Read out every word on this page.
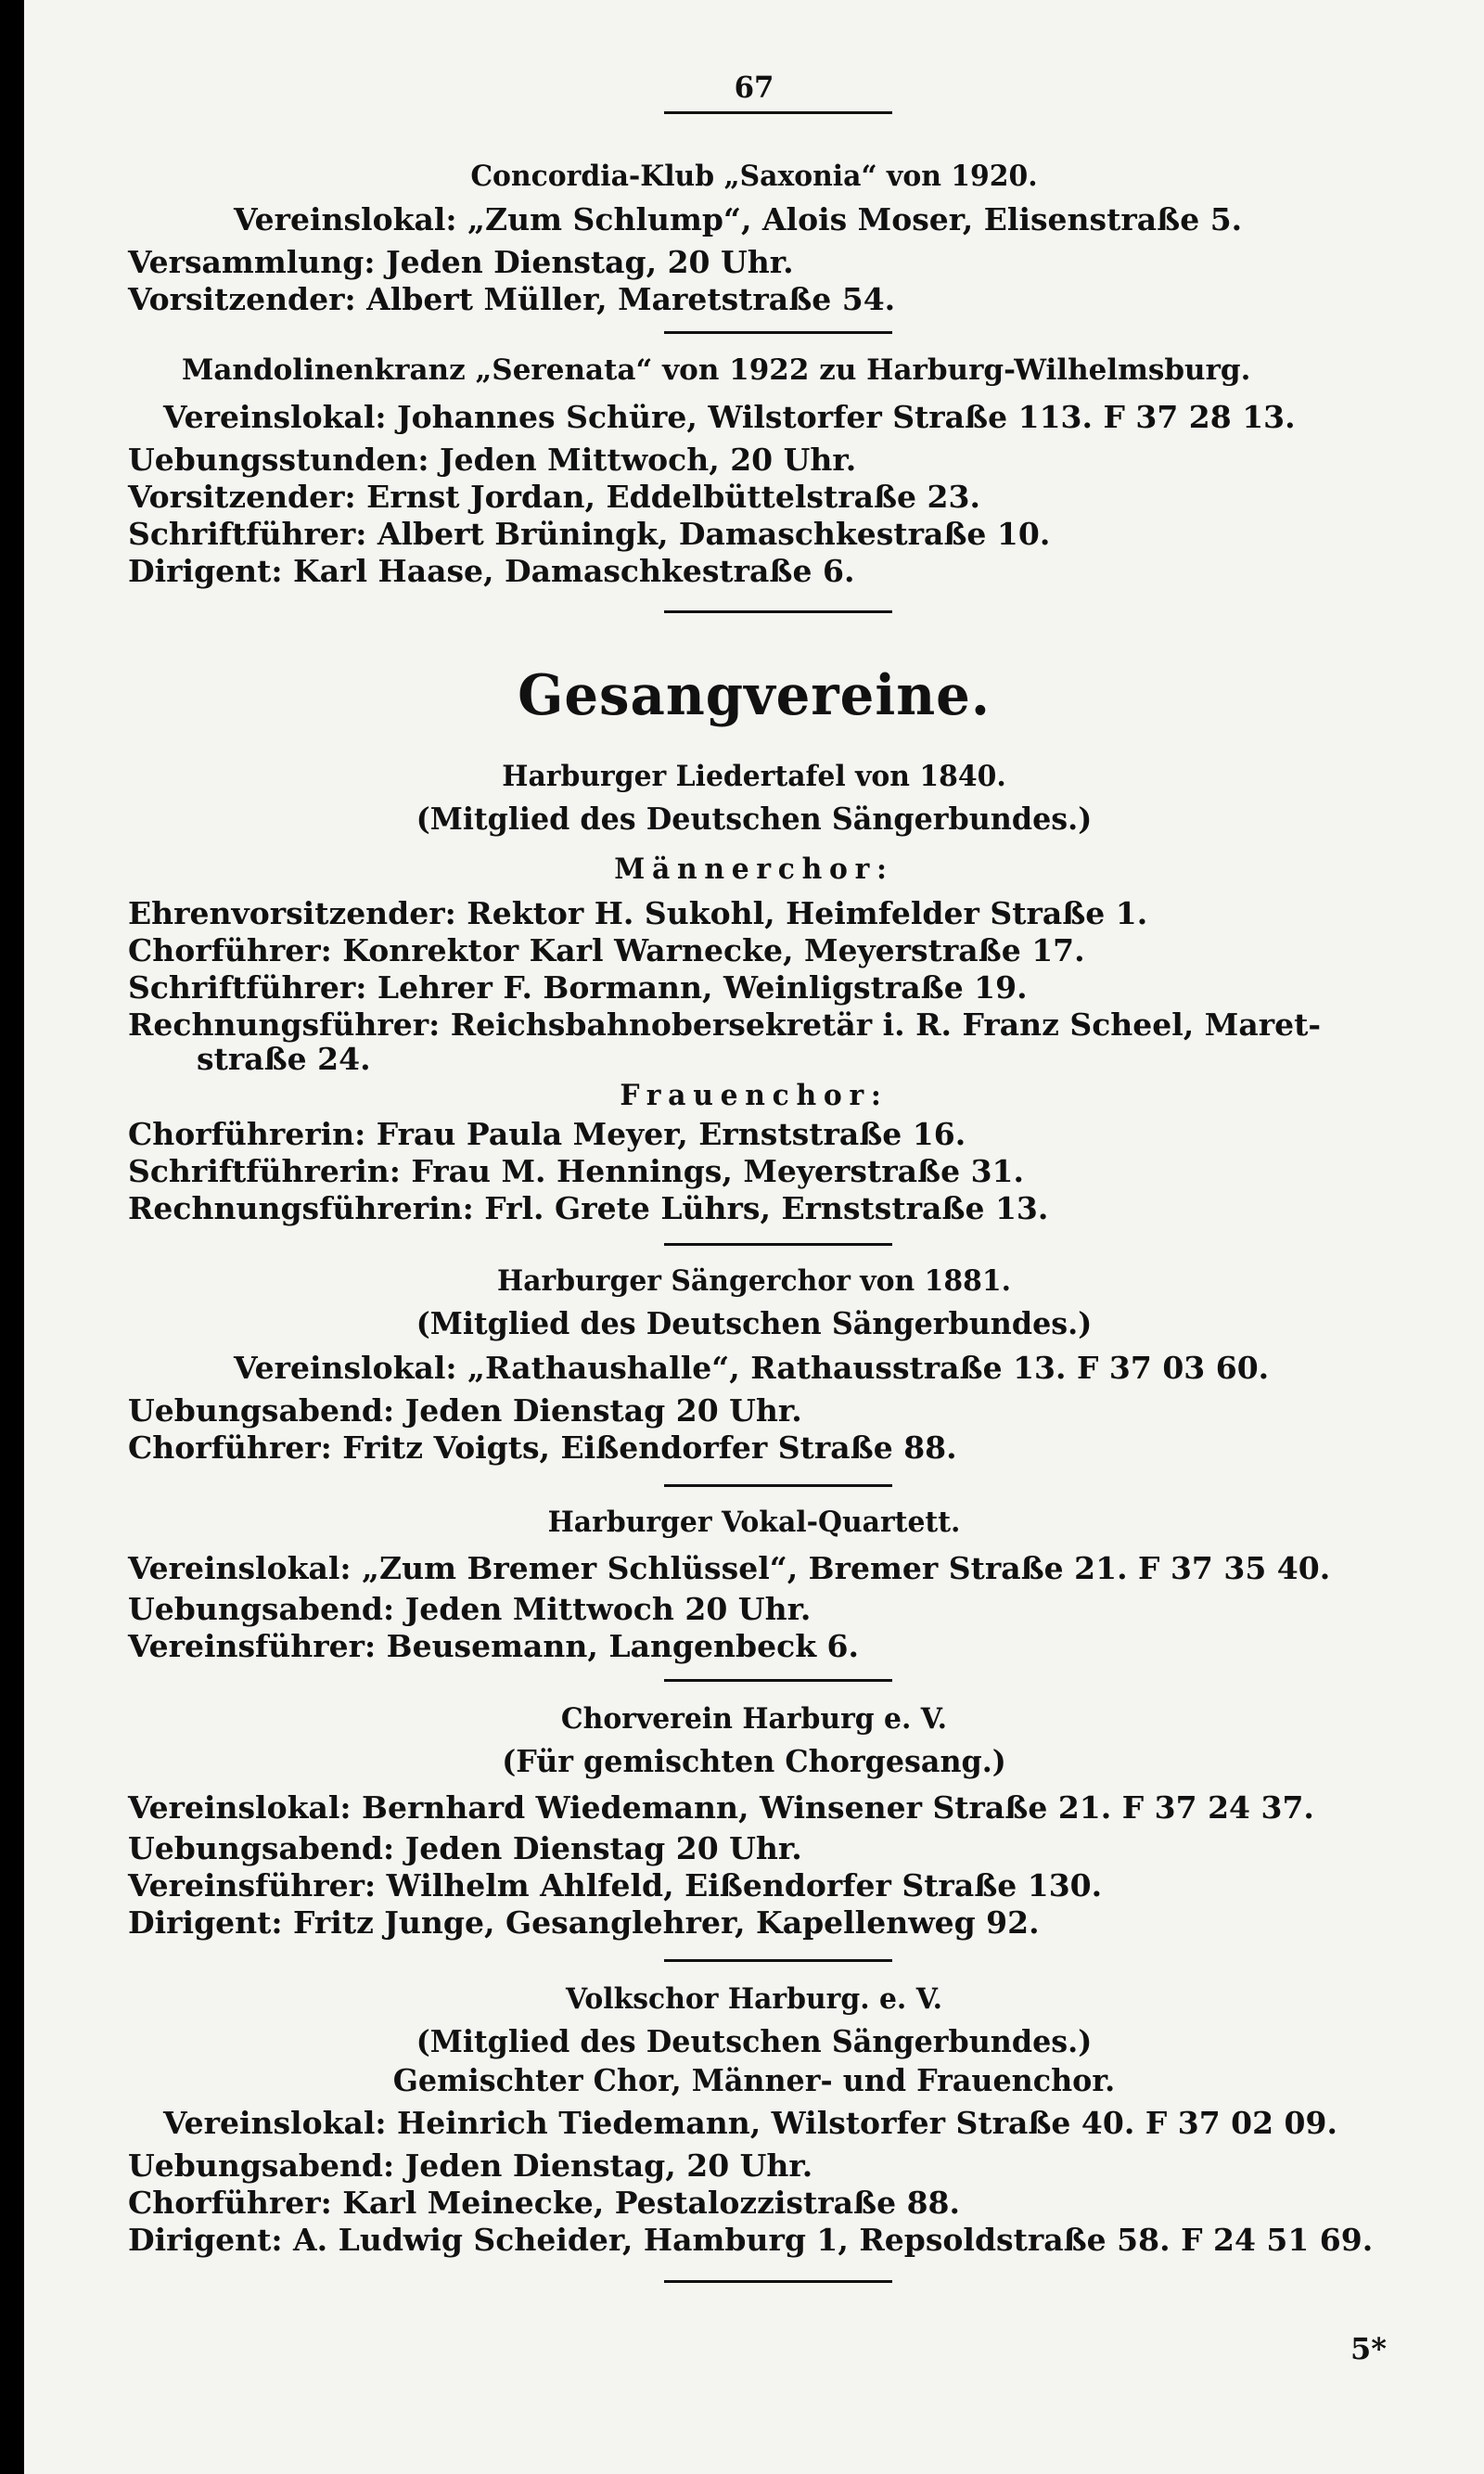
67
Concordia-Klub „Saxonia“ von 1920.
Vereinslokal: „Zum Schlump“, Alois Moser, Elisenstraße 5.
Versammlung: Jeden Dienstag, 20 Uhr.
Vorsitzender: Albert Müller, Maretstraße 54.
Mandolinenkranz „Serenata“ von 1922 zu Harburg-Wilhelmsburg.
Vereinslokal: Johannes Schüre, Wilstorfer Straße 113. F 37 28 13.
Uebungsstunden: Jeden Mittwoch, 20 Uhr.
Vorsitzender: Ernst Jordan, Eddelbüttelstraße 23.
Schriftführer: Albert Brüningk, Damaschkestraße 10.
Dirigent: Karl Haase, Damaschkestraße 6.
Gesangvereine.
Harburger Liedertafel von 1840.
(Mitglied des Deutschen Sängerbundes.)
Männerchor:
Ehrenvorsitzender: Rektor H. Sukohl, Heimfelder Straße 1.
Chorführer: Konrektor Karl Warnecke, Meyerstraße 17.
Schriftführer: Lehrer F. Bormann, Weinligstraße 19.
Rechnungsführer: Reichsbahnobersekretär i. R. Franz Scheel, Maret-
straße 24.
Frauenchor:
Chorführerin: Frau Paula Meyer, Ernststraße 16.
Schriftführerin: Frau M. Hennings, Meyerstraße 31.
Rechnungsführerin: Frl. Grete Lührs, Ernststraße 13.
Harburger Sängerchor von 1881.
(Mitglied des Deutschen Sängerbundes.)
Vereinslokal: „Rathaushalle“, Rathausstraße 13. F 37 03 60.
Uebungsabend: Jeden Dienstag 20 Uhr.
Chorführer: Fritz Voigts, Eißendorfer Straße 88.
Harburger Vokal-Quartett.
Vereinslokal: „Zum Bremer Schlüssel“, Bremer Straße 21. F 37 35 40.
Uebungsabend: Jeden Mittwoch 20 Uhr.
Vereinsführer: Beusemann, Langenbeck 6.
Chorverein Harburg e. V.
(Für gemischten Chorgesang.)
Vereinslokal: Bernhard Wiedemann, Winsener Straße 21. F 37 24 37.
Uebungsabend: Jeden Dienstag 20 Uhr.
Vereinsführer: Wilhelm Ahlfeld, Eißendorfer Straße 130.
Dirigent: Fritz Junge, Gesanglehrer, Kapellenweg 92.
Volkschor Harburg. e. V.
(Mitglied des Deutschen Sängerbundes.)
Gemischter Chor, Männer- und Frauenchor.
Vereinslokal: Heinrich Tiedemann, Wilstorfer Straße 40. F 37 02 09.
Uebungsabend: Jeden Dienstag, 20 Uhr.
Chorführer: Karl Meinecke, Pestalozzistraße 88.
Dirigent: A. Ludwig Scheider, Hamburg 1, Repsoldstraße 58. F 24 51 69.
5*
